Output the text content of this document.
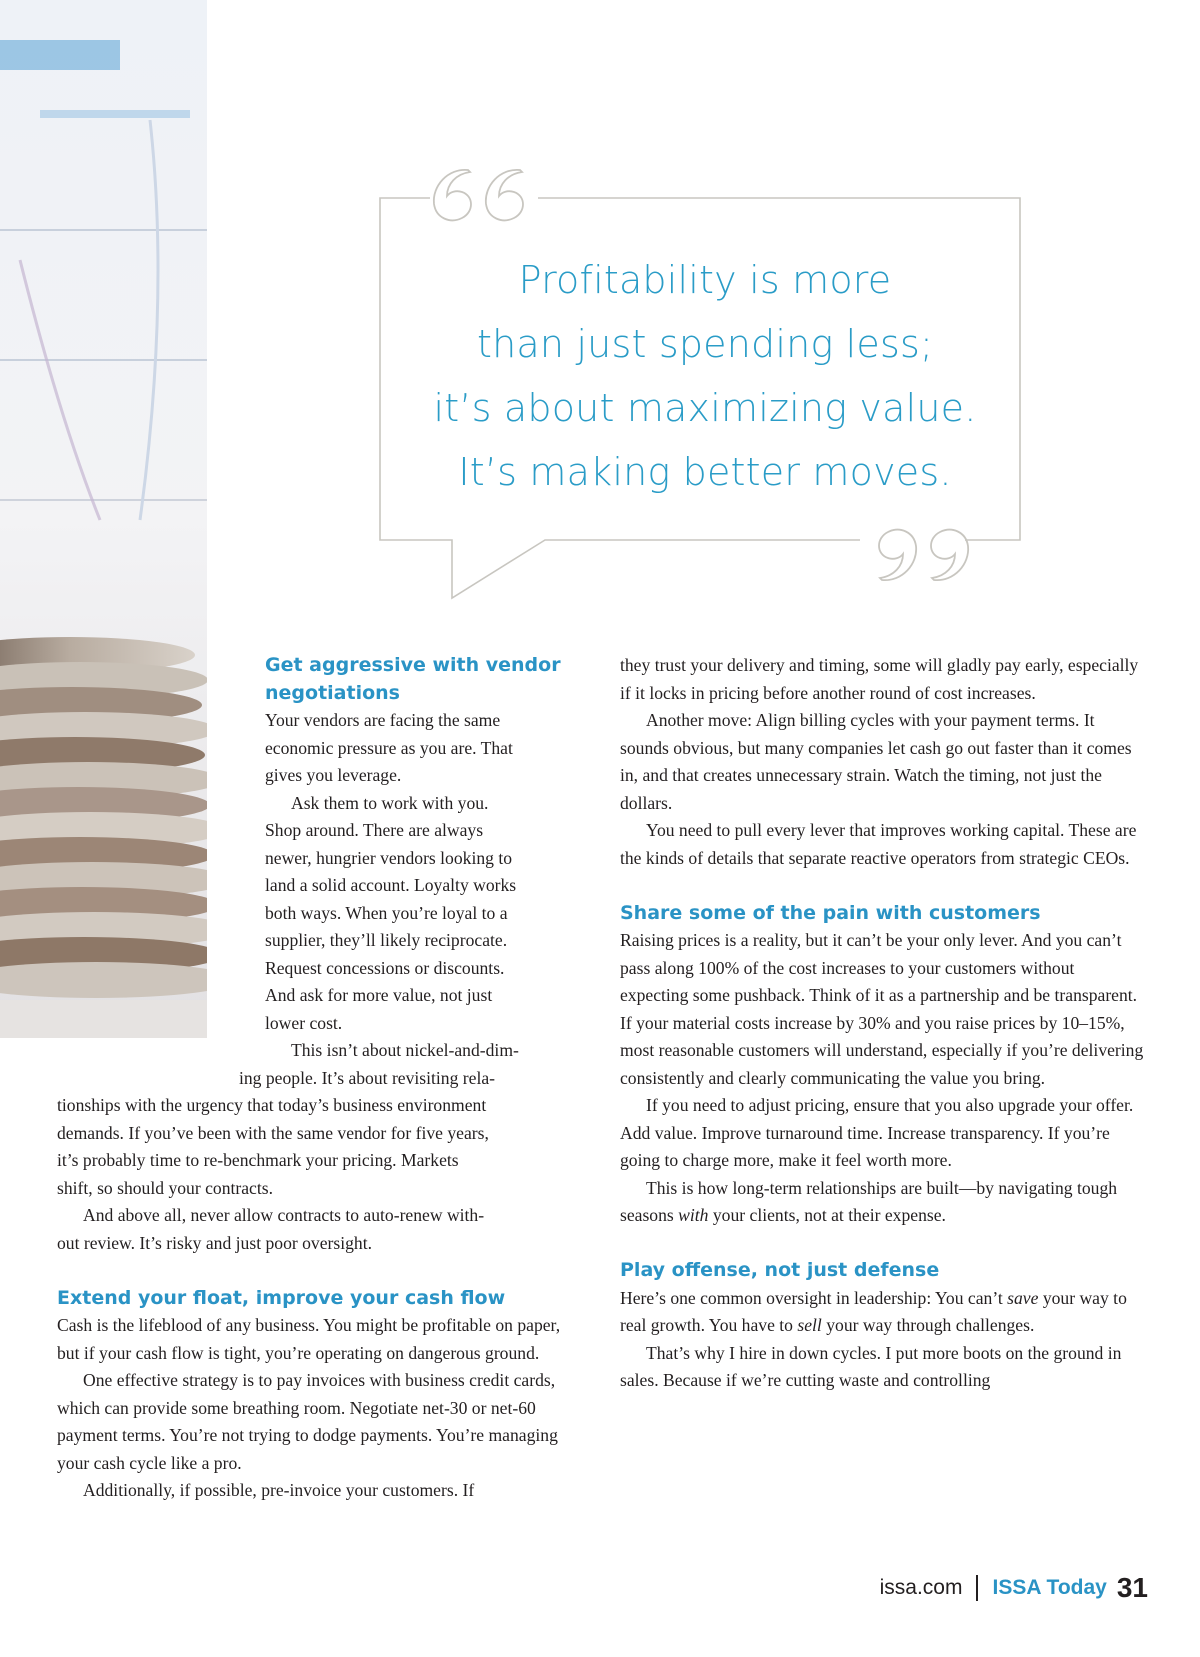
Profitability is more
than just spending less;
it’s about maximizing value.
It’s making better moves.
Get aggressive with vendor
negotiations

Your vendors are facing the same
economic pressure as you are. That
gives you leverage.

Ask them to work with you.
Shop around. There are always
newer, hungrier vendors looking to
land a solid account. Loyalty works
both ways. When you’re loyal to a
supplier, they’ll likely reciprocate.
Request concessions or discounts.
And ask for more value, not just
lower cost.

This isn’t about nickel-and-dim-
ing people. It’s about revisiting rela-

tionships with the urgency that today’s business environment
demands. If you’ve been with the same vendor for five years,
it’s probably time to re-benchmark your pricing. Markets
shift, so should your contracts.

And above all, never allow contracts to auto-renew with-
out review. It’s risky and just poor oversight.

Extend your float, improve your cash flow

Cash is the lifeblood of any business. You might be profitable on paper, but if your cash flow is tight, you’re operating on dangerous ground.

One effective strategy is to pay invoices with business credit cards, which can provide some breathing room. Negotiate net-30 or net-60 payment terms. You’re not trying to dodge payments. You’re managing your cash cycle like a pro.

Additionally, if possible, pre-invoice your customers. If

they trust your delivery and timing, some will gladly pay early, especially if it locks in pricing before another round of cost increases.

Another move: Align billing cycles with your payment terms. It sounds obvious, but many companies let cash go out faster than it comes in, and that creates unnecessary strain. Watch the timing, not just the dollars.

You need to pull every lever that improves working capital. These are the kinds of details that separate reactive operators from strategic CEOs.

Share some of the pain with customers

Raising prices is a reality, but it can’t be your only lever. And you can’t pass along 100% of the cost increases to your customers without expecting some pushback. Think of it as a partnership and be transparent. If your material costs increase by 30% and you raise prices by 10–15%, most reasonable customers will understand, especially if you’re delivering consistently and clearly communicating the value you bring.

If you need to adjust pricing, ensure that you also upgrade your offer. Add value. Improve turnaround time. Increase transparency. If you’re going to charge more, make it feel worth more.

This is how long-term relationships are built—by navigating tough seasons with your clients, not at their expense.

Play offense, not just defense

Here’s one common oversight in leadership: You can’t save your way to real growth. You have to sell your way through challenges.

That’s why I hire in down cycles. I put more boots on the ground in sales. Because if we’re cutting waste and controlling

issa.com ISSA Today 31
